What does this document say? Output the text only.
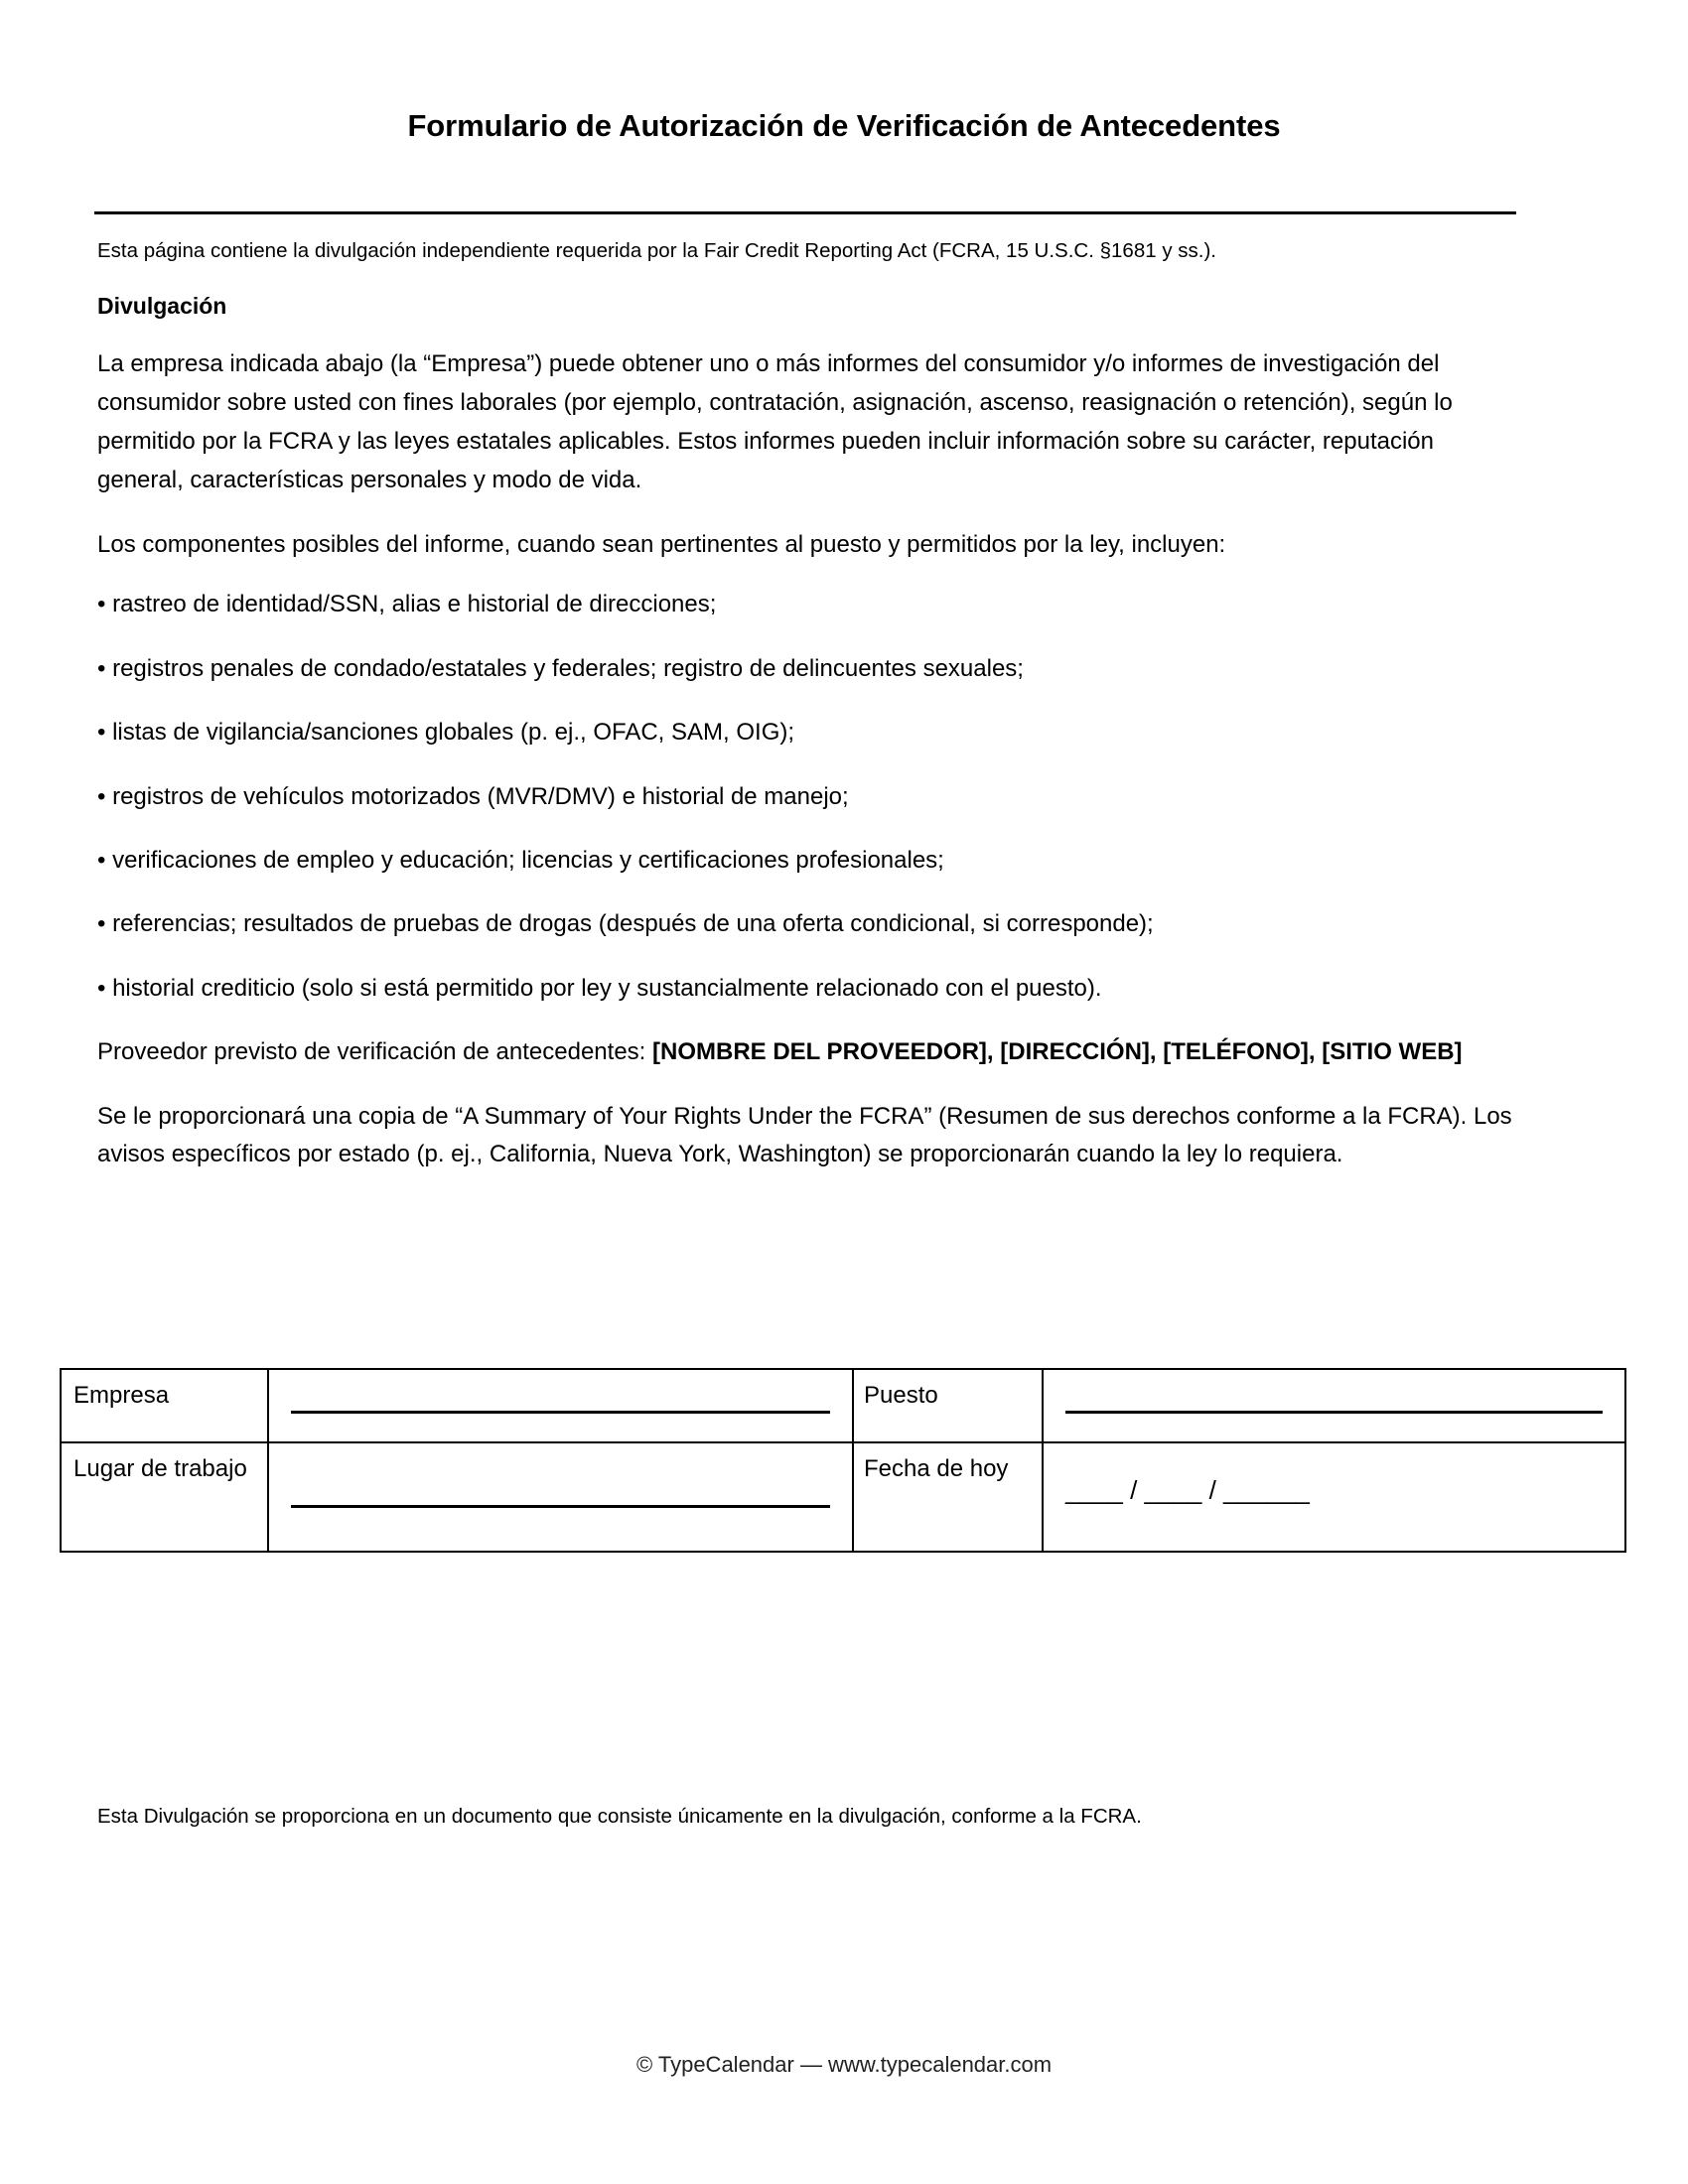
Formulario de Autorización de Verificación de Antecedentes

Esta página contiene la divulgación independiente requerida por la Fair Credit Reporting Act (FCRA, 15 U.S.C. §1681 y ss.).

Divulgación

La empresa indicada abajo (la “Empresa”) puede obtener uno o más informes del consumidor y/o informes de investigación del consumidor sobre usted con fines laborales (por ejemplo, contratación, asignación, ascenso, reasignación o retención), según lo permitido por la FCRA y las leyes estatales aplicables. Estos informes pueden incluir información sobre su carácter, reputación general, características personales y modo de vida.

Los componentes posibles del informe, cuando sean pertinentes al puesto y permitidos por la ley, incluyen:

• rastreo de identidad/SSN, alias e historial de direcciones;
• registros penales de condado/estatales y federales; registro de delincuentes sexuales;
• listas de vigilancia/sanciones globales (p. ej., OFAC, SAM, OIG);
• registros de vehículos motorizados (MVR/DMV) e historial de manejo;
• verificaciones de empleo y educación; licencias y certificaciones profesionales;
• referencias; resultados de pruebas de drogas (después de una oferta condicional, si corresponde);
• historial crediticio (solo si está permitido por ley y sustancialmente relacionado con el puesto).

Proveedor previsto de verificación de antecedentes: [NOMBRE DEL PROVEEDOR], [DIRECCIÓN], [TELÉFONO], [SITIO WEB]

Se le proporcionará una copia de “A Summary of Your Rights Under the FCRA” (Resumen de sus derechos conforme a la FCRA). Los avisos específicos por estado (p. ej., California, Nueva York, Washington) se proporcionarán cuando la ley lo requiera.

Empresa		Puesto	

Lugar de trabajo		Fecha de hoy	____ / ____ / ______

Esta Divulgación se proporciona en un documento que consiste únicamente en la divulgación, conforme a la FCRA.

© TypeCalendar — www.typecalendar.com
